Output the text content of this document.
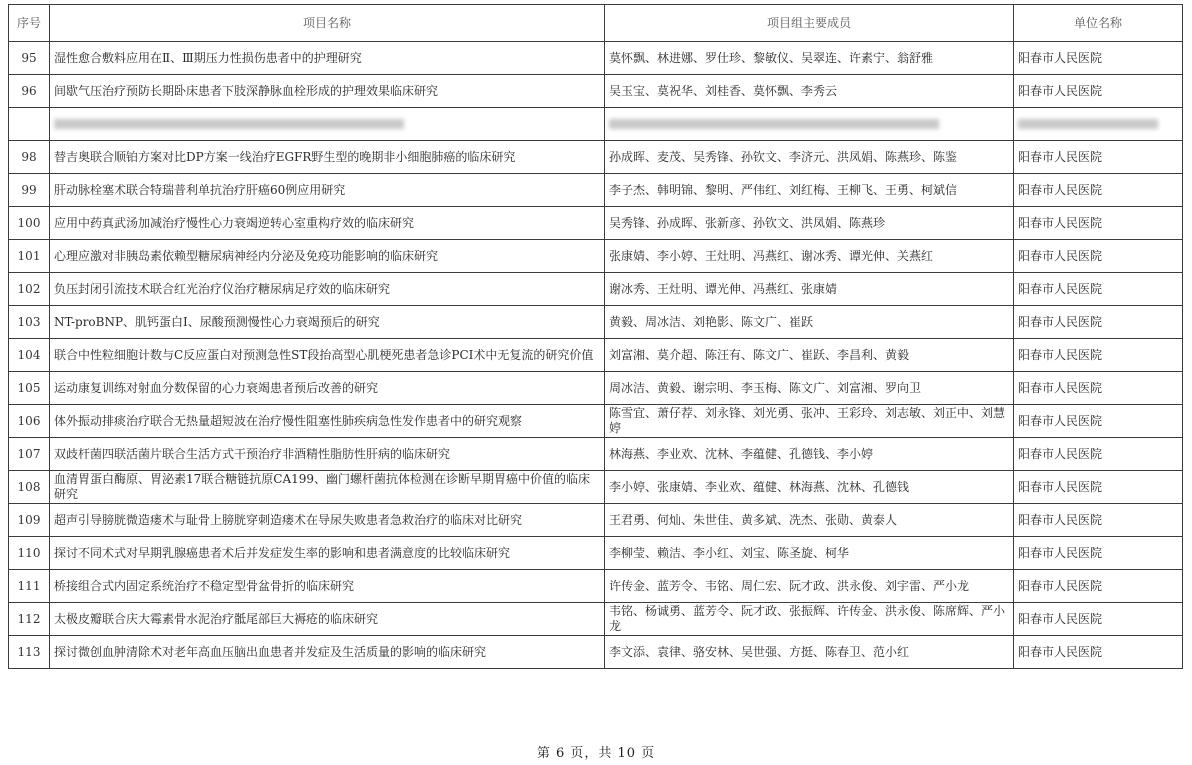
序号	项目名称	项目组主要成员	单位名称
95	湿性愈合敷料应用在Ⅱ、Ⅲ期压力性损伤患者中的护理研究	莫怀飘、林进娜、罗仕珍、黎敏仪、吴翠连、许素宁、翁舒雅	阳春市人民医院
96	间歇气压治疗预防长期卧床患者下肢深静脉血栓形成的护理效果临床研究	吴玉宝、莫祝华、刘桂香、莫怀飘、李秀云	阳春市人民医院

98	替吉奥联合顺铂方案对比DP方案一线治疗EGFR野生型的晚期非小细胞肺癌的临床研究	孙成晖、麦茂、吴秀锋、孙钦文、李济元、洪凤娟、陈燕珍、陈鉴	阳春市人民医院
99	肝动脉栓塞术联合特瑞普利单抗治疗肝癌60例应用研究	李子杰、韩明锦、黎明、严伟红、刘红梅、王柳飞、王勇、柯斌信	阳春市人民医院
100	应用中药真武汤加减治疗慢性心力衰竭逆转心室重构疗效的临床研究	吴秀锋、孙成晖、张新彦、孙钦文、洪凤娟、陈燕珍	阳春市人民医院
101	心理应激对非胰岛素依赖型糖尿病神经内分泌及免疫功能影响的临床研究	张康婧、李小婷、王灶明、冯燕红、谢冰秀、谭光伸、关燕红	阳春市人民医院
102	负压封闭引流技术联合红光治疗仪治疗糖尿病足疗效的临床研究	谢冰秀、王灶明、谭光伸、冯燕红、张康婧	阳春市人民医院
103	NT-proBNP、肌钙蛋白I、尿酸预测慢性心力衰竭预后的研究	黄毅、周冰洁、刘艳影、陈文广、崔跃	阳春市人民医院
104	联合中性粒细胞计数与C反应蛋白对预测急性ST段抬高型心肌梗死患者急诊PCI术中无复流的研究价值	刘富湘、莫介超、陈汪有、陈文广、崔跃、李昌利、黄毅	阳春市人民医院
105	运动康复训练对射血分数保留的心力衰竭患者预后改善的研究	周冰洁、黄毅、谢宗明、李玉梅、陈文广、刘富湘、罗向卫	阳春市人民医院
106	体外振动排痰治疗联合无热量超短波在治疗慢性阻塞性肺疾病急性发作患者中的研究观察	陈雪宜、萧仔荐、刘永锋、刘光勇、张冲、王彩玲、刘志敏、刘正中、刘慧婷	阳春市人民医院
107	双歧杆菌四联活菌片联合生活方式干预治疗非酒精性脂肪性肝病的临床研究	林海燕、李业欢、沈林、李蕴健、孔德钱、李小婷	阳春市人民医院
108	血清胃蛋白酶原、胃泌素17联合糖链抗原CA199、幽门螺杆菌抗体检测在诊断早期胃癌中价值的临床研究	李小婷、张康婧、李业欢、蕴健、林海燕、沈林、孔德钱	阳春市人民医院
109	超声引导膀胱微造瘘术与耻骨上膀胱穿刺造瘘术在导尿失败患者急救治疗的临床对比研究	王君勇、何灿、朱世佳、黄多斌、冼杰、张勋、黄泰人	阳春市人民医院
110	探讨不同术式对早期乳腺癌患者术后并发症发生率的影响和患者满意度的比较临床研究	李柳莹、赖洁、李小红、刘宝、陈圣旋、柯华	阳春市人民医院
111	桥接组合式内固定系统治疗不稳定型骨盆骨折的临床研究	许传金、蓝芳令、韦铭、周仁宏、阮才政、洪永俊、刘宇雷、严小龙	阳春市人民医院
112	太极皮瓣联合庆大霉素骨水泥治疗骶尾部巨大褥疮的临床研究	韦铭、杨诚勇、蓝芳令、阮才政、张振辉、许传金、洪永俊、陈席辉、严小龙	阳春市人民医院
113	探讨微创血肿清除术对老年高血压脑出血患者并发症及生活质量的影响的临床研究	李文添、袁律、骆安林、吴世强、方挺、陈春卫、范小红	阳春市人民医院
第 6 页，共 10 页
